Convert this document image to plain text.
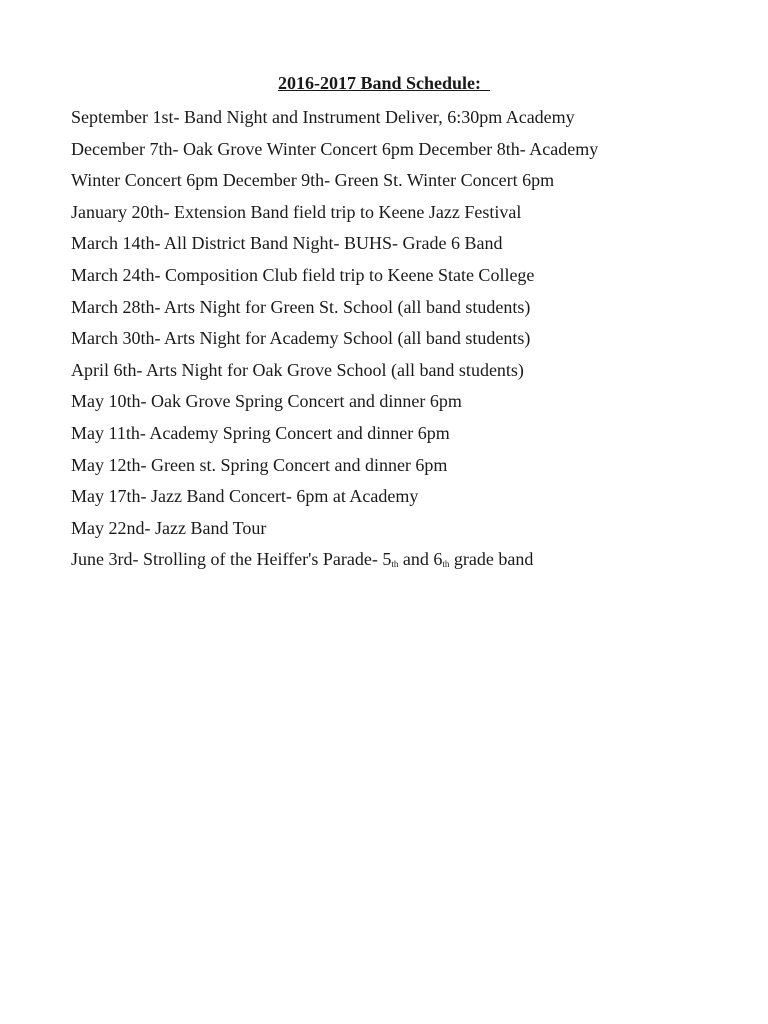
2016-2017 Band Schedule:
September 1st- Band Night and Instrument Deliver, 6:30pm Academy
December 7th- Oak Grove Winter Concert 6pm December 8th- Academy
Winter Concert 6pm December 9th- Green St. Winter Concert 6pm
January 20th- Extension Band field trip to Keene Jazz Festival
March 14th- All District Band Night- BUHS- Grade 6 Band
March 24th- Composition Club field trip to Keene State College
March 28th- Arts Night for Green St. School (all band students)
March 30th- Arts Night for Academy School (all band students)
April 6th- Arts Night for Oak Grove School (all band students)
May 10th- Oak Grove Spring Concert and dinner 6pm
May 11th- Academy Spring Concert and dinner 6pm
May 12th- Green st. Spring Concert and dinner 6pm
May 17th- Jazz Band Concert- 6pm at Academy
May 22nd- Jazz Band Tour
June 3rd- Strolling of the Heiffer's Parade- $5_{th}$ and $6_{th}$ grade band
